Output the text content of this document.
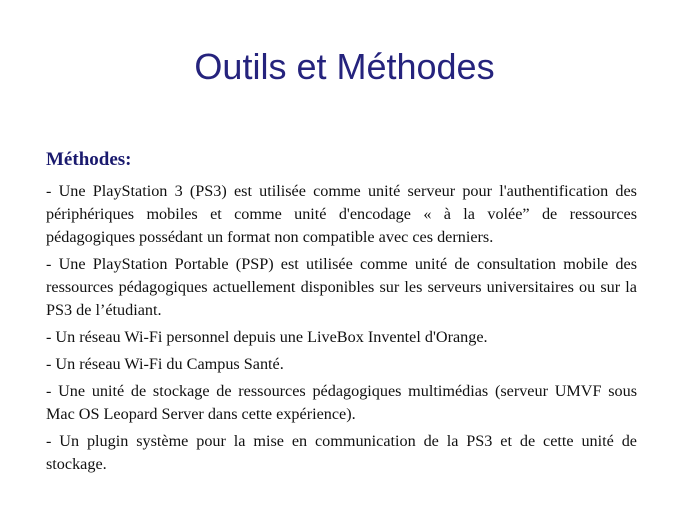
Outils et Méthodes
Méthodes:

- Une PlayStation 3 (PS3) est utilisée comme unité serveur pour l'authentification des périphériques mobiles et comme unité d'encodage « à la volée” de ressources pédagogiques possédant un format non compatible avec ces derniers.

- Une PlayStation Portable (PSP) est utilisée comme unité de consultation mobile des ressources pédagogiques actuellement disponibles sur les serveurs universitaires ou sur la PS3 de l’étudiant.

- Un réseau Wi-Fi personnel depuis une LiveBox Inventel d'Orange.

- Un réseau Wi-Fi du Campus Santé.

- Une unité de stockage de ressources pédagogiques multimédias (serveur UMVF sous Mac OS Leopard Server dans cette expérience).

- Un plugin système pour la mise en communication de la PS3 et de cette unité de stockage.
